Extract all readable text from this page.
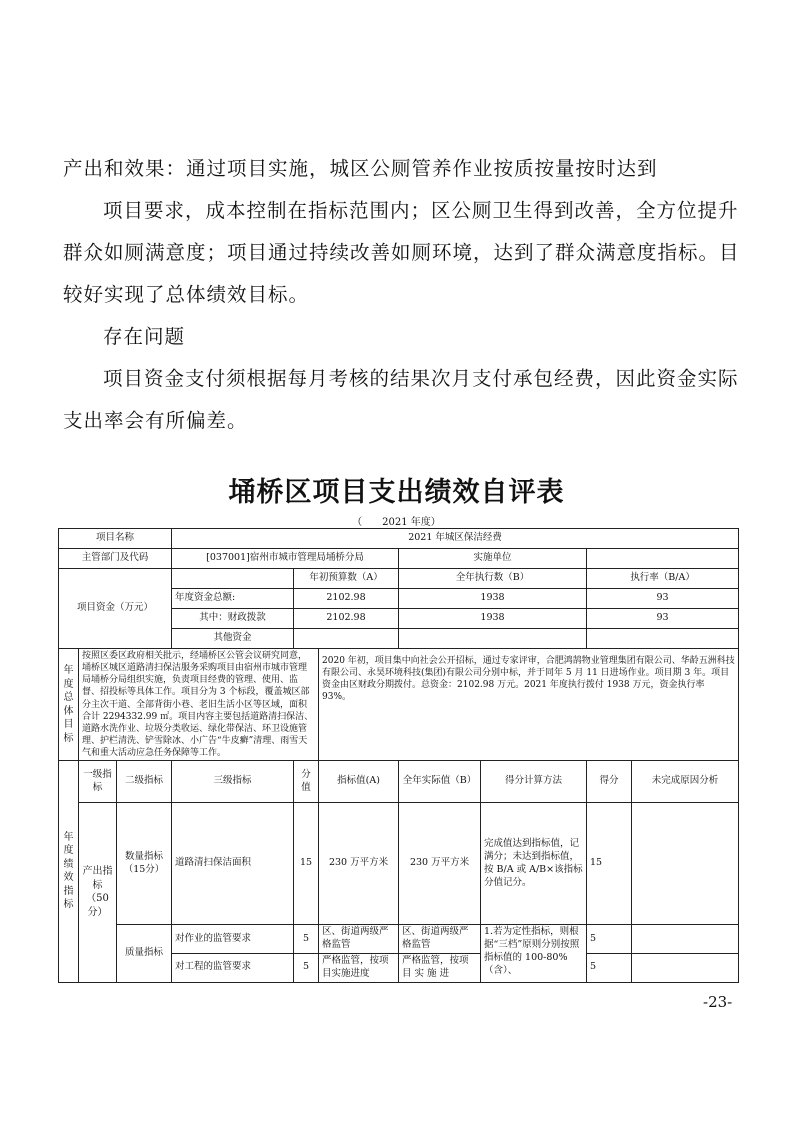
产出和效果：通过项目实施，城区公厕管养作业按质按量按时达到

项目要求，成本控制在指标范围内；区公厕卫生得到改善，全方位提升群众如厕满意度；项目通过持续改善如厕环境，达到了群众满意度指标。目较好实现了总体绩效目标。

存在问题

项目资金支付须根据每月考核的结果次月支付承包经费，因此资金实际支出率会有所偏差。

埇桥区项目支出绩效自评表
（　　2021 年度）
项目名称			2021 年城区保洁经费						
主管部门及代码			[037001]宿州市城市管理局埇桥分局			实施单位			
项目资金（万元）				年初预算数（A）		全年执行数（B）		执行率（B/A）	
			年度资金总额:	2102.98		1938		93	
			其中：财政拨款	2102.98		1938		93	
			其他资金						
年度总体目标	按照区委区政府相关批示，经埇桥区公管会议研究同意，埇桥区城区道路清扫保洁服务采购项目由宿州市城市管理局埇桥分局组织实施，负责项目经费的管理、使用、监督、招投标等具体工作。项目分为 3 个标段，覆盖城区部分主次干道、全部背街小巷、老旧生活小区等区域，面积合计 2294332.99 ㎡。项目内容主要包括道路清扫保洁、道路水洗作业、垃圾分类收运、绿化带保洁、环卫设施管理、护栏清洗、铲雪除冰、小广告“牛皮癣”清理、雨雪天气和重大活动应急任务保障等工作。				2020 年初，项目集中向社会公开招标，通过专家评审，合肥鸿鹄物业管理集团有限公司、华龄五洲科技有限公司、永昊环境科技(集团)有限公司分别中标，并于同年 5 月 11 日进场作业。项目期 3 年。项目资金由区财政分期拨付。总资金：2102.98 万元。2021 年度执行拨付 1938 万元，资金执行率 93%。				
年度绩效指标	一级指标	二级指标	三级指标	分值	指标值(A)	全年实际值（B）	得分计算方法	得分	未完成原因分析
	产出指标（50分）	数量指标（15分）	道路清扫保洁面积	15	230 万平方米	230 万平方米	完成值达到指标值，记满分；未达到指标值，按 B/A 或 A/B×该指标分值记分。	15	
		质量指标	对作业的监管要求	5	区、街道两级严格监管	区、街道两级严格监管	1.若为定性指标，则根据“三档”原则分别按照指标值的 100-80%（含）、	5	
			对工程的监管要求	5	严格监管，按项目实施进度	严格监管，按项 目 实 施 进		5	
-23-
